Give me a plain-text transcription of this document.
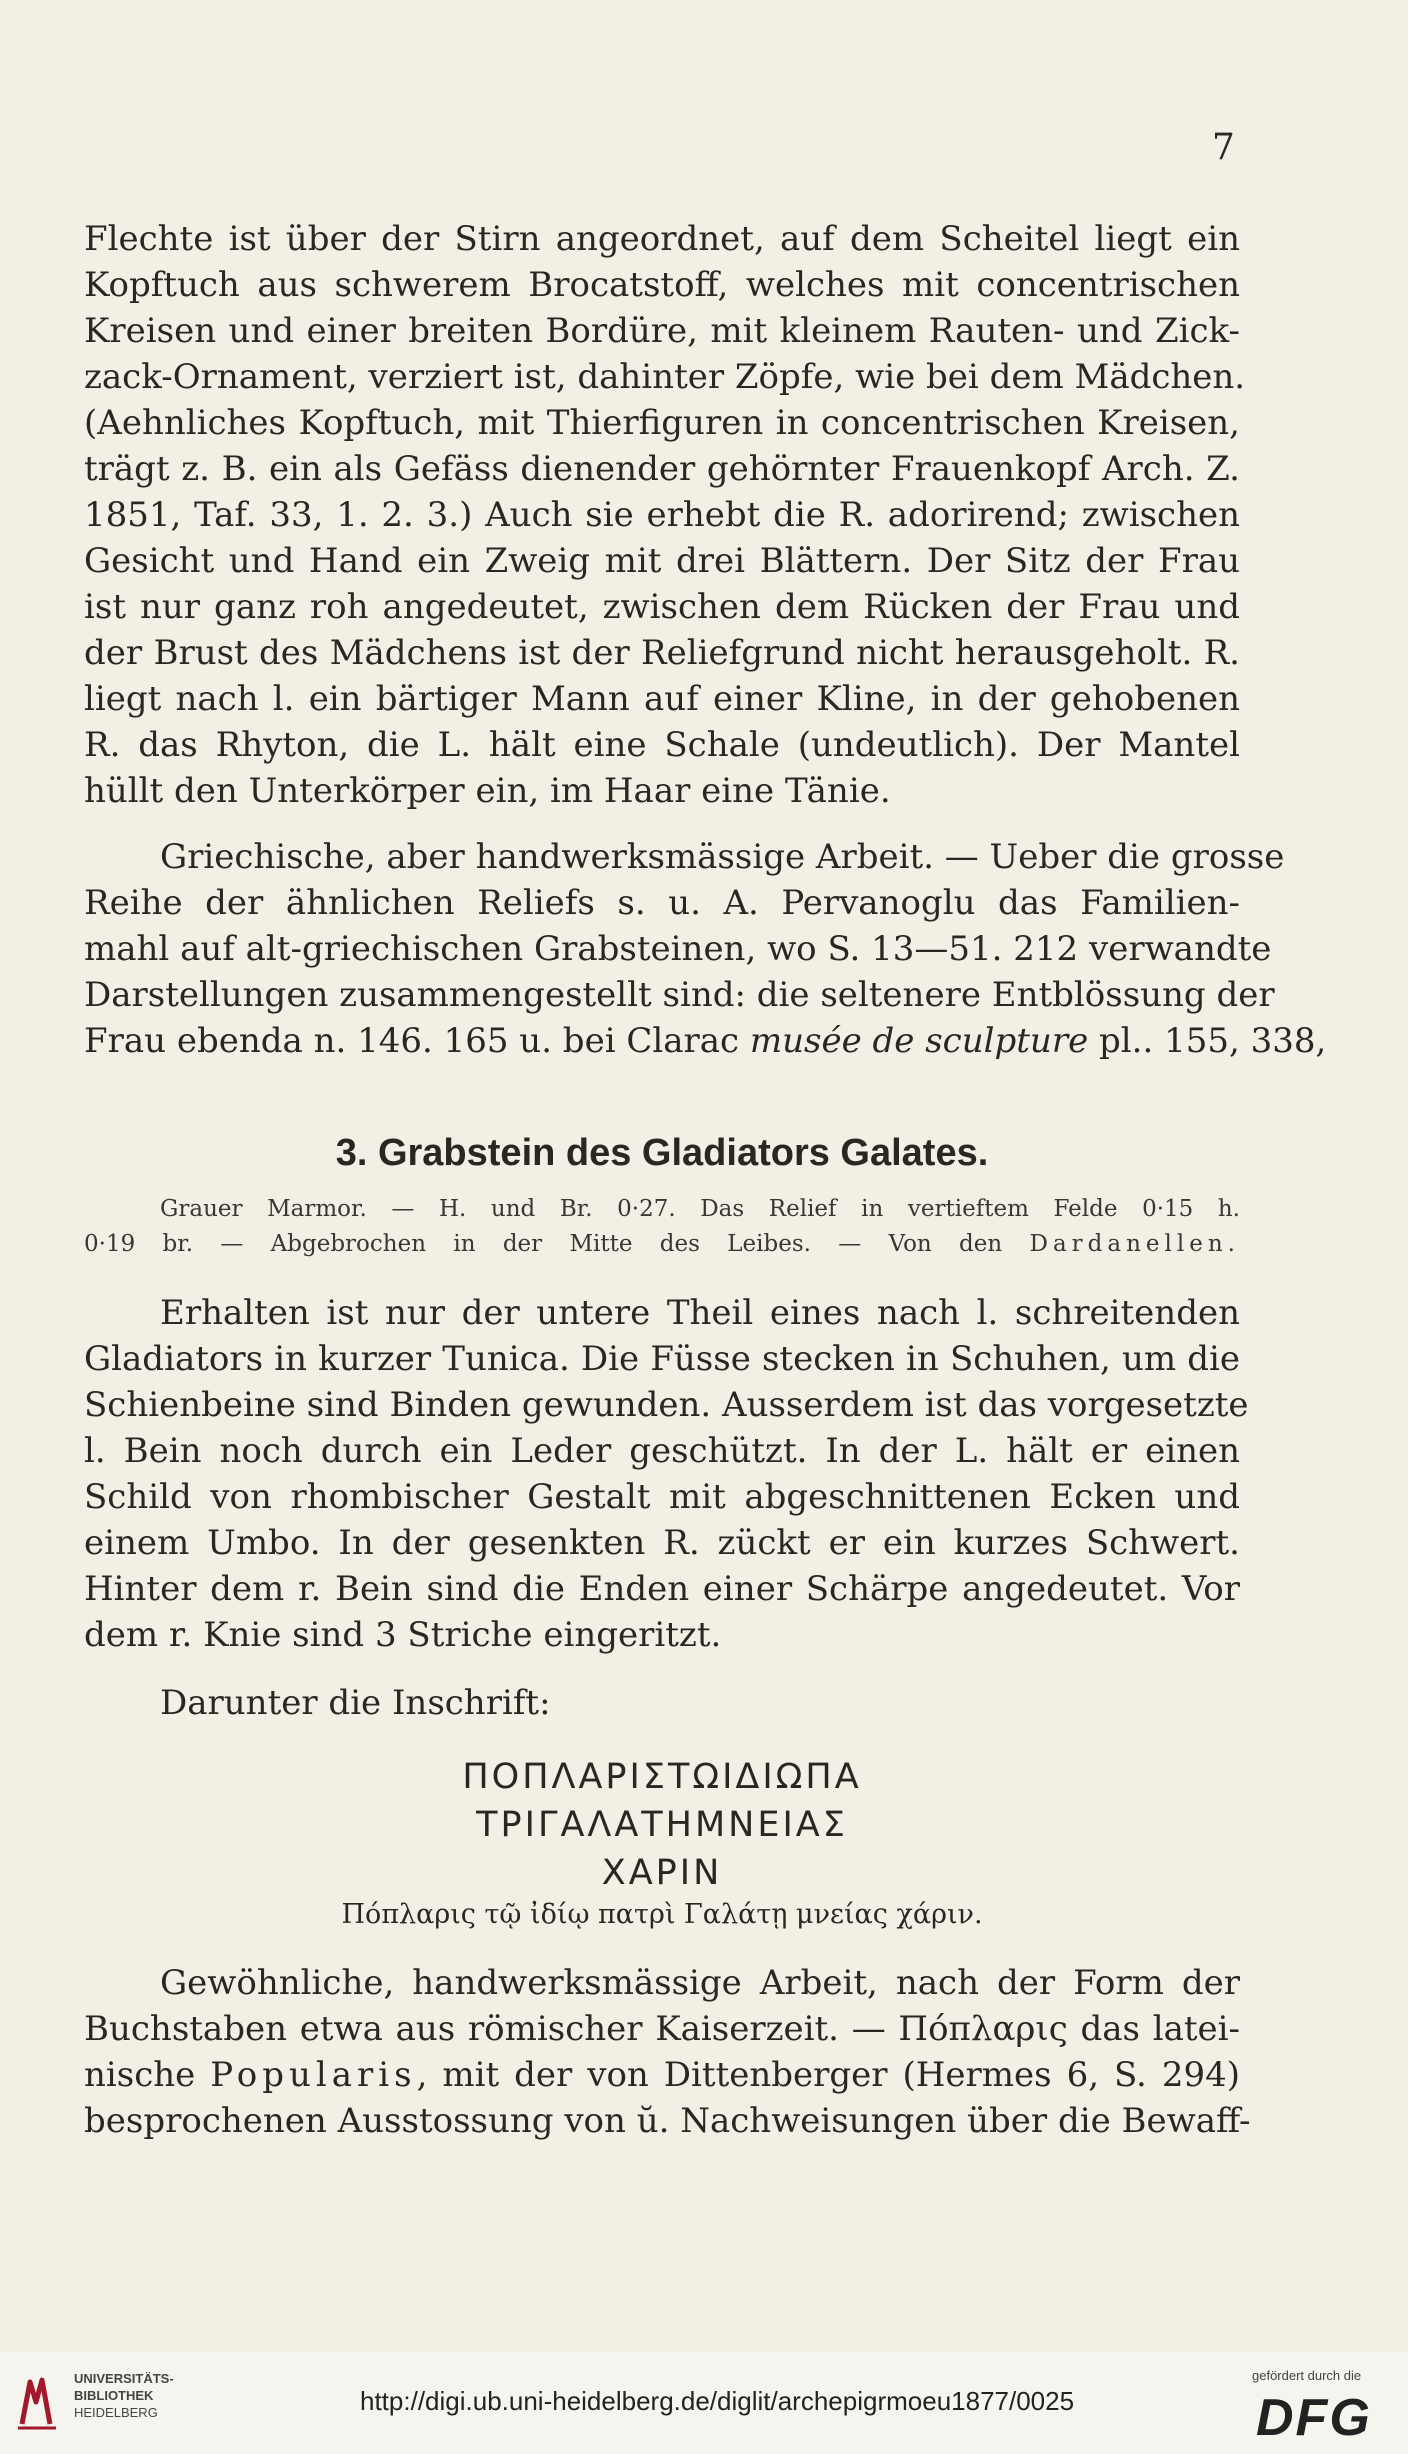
7
Flechte ist über der Stirn angeordnet, auf dem Scheitel liegt ein
Kopftuch aus schwerem Brocatstoff, welches mit concentrischen
Kreisen und einer breiten Bordüre, mit kleinem Rauten- und Zick-
zack-Ornament, verziert ist, dahinter Zöpfe, wie bei dem Mädchen.
(Aehnliches Kopftuch, mit Thierfiguren in concentrischen Kreisen,
trägt z. B. ein als Gefäss dienender gehörnter Frauenkopf Arch. Z.
1851, Taf. 33, 1. 2. 3.) Auch sie erhebt die R. adorirend; zwischen
Gesicht und Hand ein Zweig mit drei Blättern. Der Sitz der Frau
ist nur ganz roh angedeutet, zwischen dem Rücken der Frau und
der Brust des Mädchens ist der Reliefgrund nicht herausgeholt. R.
liegt nach l. ein bärtiger Mann auf einer Kline, in der gehobenen
R. das Rhyton, die L. hält eine Schale (undeutlich). Der Mantel
hüllt den Unterkörper ein, im Haar eine Tänie.
Griechische, aber handwerksmässige Arbeit. — Ueber die grosse
Reihe der ähnlichen Reliefs s. u. A. Pervanoglu das Familien-
mahl auf alt-griechischen Grabsteinen, wo S. 13—51. 212 verwandte
Darstellungen zusammengestellt sind: die seltenere Entblössung der
Frau ebenda n. 146. 165 u. bei Clarac musée de sculpture pl.. 155, 338,
3. Grabstein des Gladiators Galates.
Grauer Marmor. — H. und Br. 0·27. Das Relief in vertieftem Felde 0·15 h.
0·19 br. — Abgebrochen in der Mitte des Leibes. — Von den Dardanellen.
Erhalten ist nur der untere Theil eines nach l. schreitenden
Gladiators in kurzer Tunica. Die Füsse stecken in Schuhen, um die
Schienbeine sind Binden gewunden. Ausserdem ist das vorgesetzte
l. Bein noch durch ein Leder geschützt. In der L. hält er einen
Schild von rhombischer Gestalt mit abgeschnittenen Ecken und
einem Umbo. In der gesenkten R. zückt er ein kurzes Schwert.
Hinter dem r. Bein sind die Enden einer Schärpe angedeutet. Vor
dem r. Knie sind 3 Striche eingeritzt.
Darunter die Inschrift:
ΠΟΠΛΑΡΙΣΤΩΙΔΙΩΠΑ
ΤΡΙΓΑΛΑΤΗΜΝΕΙΑΣ
ΧΑΡΙΝ
Πόπλαρις τῷ ἰδίῳ πατρὶ Γαλάτῃ μνείας χάριν.
Gewöhnliche, handwerksmässige Arbeit, nach der Form der
Buchstaben etwa aus römischer Kaiserzeit. — Πόπλαρις das latei-
nische Popularis, mit der von Dittenberger (Hermes 6, S. 294)
besprochenen Ausstossung von ŭ. Nachweisungen über die Bewaff-
UNIVERSITÄTS-
BIBLIOTHEK
HEIDELBERG	http://digi.ub.uni-heidelberg.de/diglit/archepigrmoeu1877/0025
gefördert durch die
DFG
